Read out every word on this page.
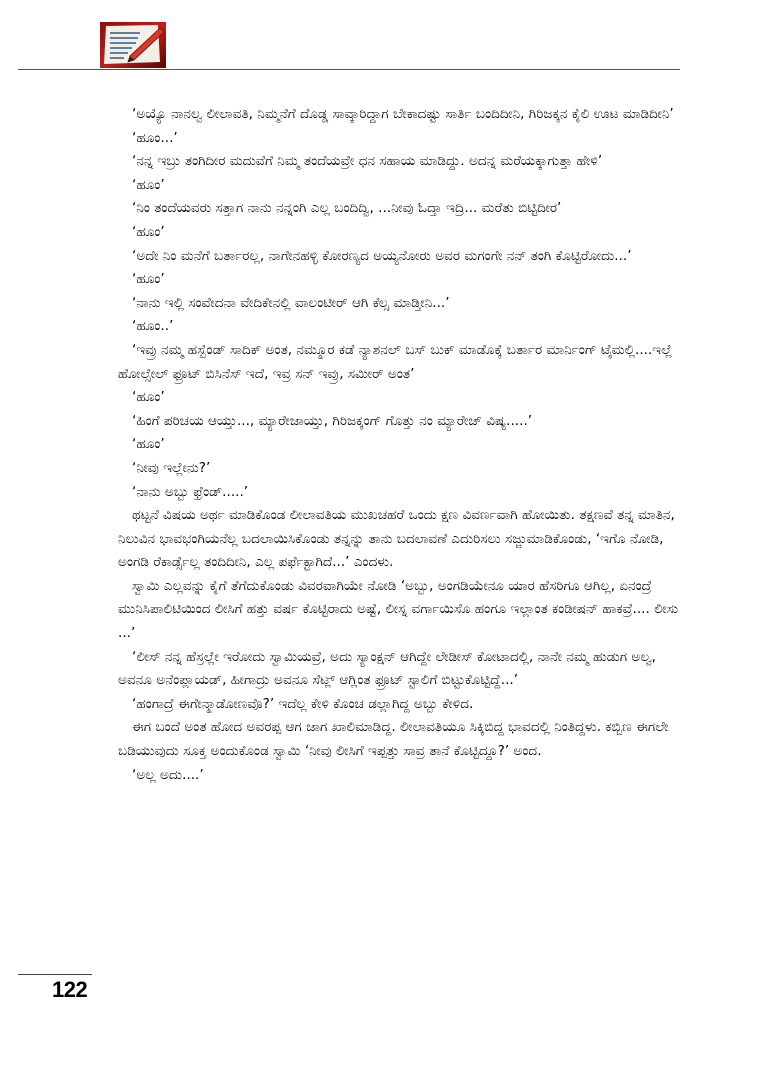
‘ಅಯ್ಯೊ ನಾನಲ್ವ ಲೀಲಾವತಿ, ನಿಮ್ಮನೆಗೆ ದೊಡ್ಡ ಸಾವ್ಕಾರಿದ್ದಾಗ ಬೇಕಾದಷ್ಟು ಸಾರ್ತಿ ಬಂದಿದೀನಿ, ಗಿರಿಜಕ್ಕನ ಕೈಲಿ ಊಟ ಮಾಡಿದೀನಿ’

‘ಹೂಂ...’

‘ನನ್ನ ಇಬ್ರು ತಂಗಿದೀರ ಮದುವೆಗೆ ನಿಮ್ಮ ತಂದೆಯವ್ರೇ ಧನ ಸಹಾಯ ಮಾಡಿದ್ದು. ಅದನ್ನ ಮರೆಯಕ್ಕಾಗುತ್ತಾ ಹೇಳಿ’

‘ಹೂಂ’

‘ನಿಂ ತಂದೆಯವರು ಸತ್ತಾಗ ನಾನು ನನ್ನಂಗಿ ಎಲ್ಲ ಬಂದಿದ್ವಿ, ...ನೀವು ಓದ್ತಾ ಇದ್ರಿ... ಮರೆತು ಬಿಟ್ಟಿದೀರ’

‘ಹೂಂ’

‘ಅದೇ ನಿಂ ಮನೆಗೆ ಬರ್ತಾರಲ್ಲ, ನಾಗೇನಹಳ್ಳಿ ಕೋರಣ್ಯದ ಅಯ್ಯನೋರು ಅವರ ಮಗಂಗೇ ನನ್ ತಂಗಿ ಕೊಟ್ಟಿರೋದು...’

‘ಹೂಂ’

‘ನಾನು ಇಲ್ಲಿ ಸಂವೇದನಾ ವೇದಿಕೇನಲ್ಲಿ ವಾಲಂಟೀರ್ ಆಗಿ ಕೆಲ್ಸ ಮಾಡ್ತೀನಿ...’

‘ಹೂಂ..’

‘ಇವ್ರು ನಮ್ಮ ಹಸ್ಬೆಂಡ್ ಸಾದಿಕ್ ಅಂತ, ನಮ್ಮೂರ ಕಡೆ ನ್ಯಾಶನಲ್ ಬಸ್ ಬುಕ್ ಮಾಡೊಕ್ಕೆ ಬರ್ತಾರ ಮಾರ್ನಿಂಗ್ ಟೈಮಲ್ಲಿ....ಇಲ್ಲೆ ಹೋಲ್ಸೇಲ್ ಫ್ರೂಟ್ ಬಿಸಿನೆಸ್ ಇದೆ, ಇವ್ರ ಸನ್ ಇವ್ರು, ಸಮೀರ್ ಅಂತ’

‘ಹೂಂ’

‘ಹಿಂಗೆ ಪರಿಚಯ ಆಯ್ತು..., ಮ್ಯಾರೇಜಾಯ್ತು, ಗಿರಿಜಕ್ಕಂಗ್ ಗೊತ್ತು ನಂ ಮ್ಯಾರೇಜ್ ವಿಷ್ಯ.....’

‘ಹೂಂ’

‘ನೀವು ಇಲ್ಲೇನು?’

‘ನಾನು ಅಬ್ಬು ಫ್ರೆಂಡ್.....’

ಥಟ್ಟನೆ ವಿಷಯ ಅರ್ಥ ಮಾಡಿಕೊಂಡ ಲೀಲಾವತಿಯ ಮುಖಚಹರೆ ಒಂದು ಕ್ಷಣ ವಿವರ್ಣವಾಗಿ ಹೋಯಿತು. ತಕ್ಷಣವೆ ತನ್ನ ಮಾತಿನ, ನಿಲುವಿನ ಭಾವಭಂಗಿಯನೆಲ್ಲ ಬದಲಾಯಿಸಿಕೊಂಡು ತನ್ನನ್ನು ತಾನು ಬದಲಾವಣೆ ಎದುರಿಸಲು ಸಜ್ಜುಮಾಡಿಕೊಂಡು, ‘ಇಗೊ ನೋಡಿ, ಅಂಗಡಿ ರೆಕಾರ್ಡ್ಸೆಲ್ಲ ತಂದಿದೀನಿ, ಎಲ್ಲ ಪರ್ಫೆಕ್ಟಾಗಿದೆ...’ ಎಂದಳು.

ಸ್ವಾಮಿ ಎಲ್ಲವನ್ನು ಕೈಗೆ ತೆಗೆದುಕೊಂಡು ವಿವರವಾಗಿಯೇ ನೋಡಿ ‘ಅಬ್ಬು, ಅಂಗಡಿಯೇನೂ ಯಾರ ಹೆಸರಿಗೂ ಆಗಿಲ್ಲ, ಏನಂದ್ರೆ ಮುನಿಸಿಪಾಲಿಟಿಯಿಂದ ಲೀಸಿಗೆ ಹತ್ತು ವರ್ಷ ಕೊಟ್ಟಿರಾದು ಅಷ್ಟೆ, ಲೀಸ್ನ ವರ್ಗಾಯಿಸೊ ಹಂಗೂ ಇಲ್ಲಾಂತ ಕಂಡೀಷನ್ ಹಾಕವ್ರೆ.... ಲೀಸು ...’

‘ಲೀಸ್ ನನ್ನ ಹೆಸ್ರಲ್ಲೇ ಇರೋದು ಸ್ವಾಮಿಯವ್ರೆ, ಅದು ಸ್ಯಾಂಕ್ಷನ್ ಆಗಿದ್ದೇ ಲೇಡೀಸ್ ಕೋಟಾದಲ್ಲಿ, ನಾನೇ ನಮ್ಮ ಹುಡುಗ ಅಲ್ವ, ಅವನೂ ಅನೆಂಪ್ಲಾಯಡ್, ಹೀಗಾದ್ರು ಅವನೂ ಸೆಟ್ಲ್ ಆಗ್ಲಿಂತ ಫ್ರೂಟ್ ಸ್ಟಾಲಿಗೆ ಬಿಟ್ಟುಕೊಟ್ಟಿದ್ದೆ...’

‘ಹಂಗಾದ್ರೆ ಈಗೇನ್ಮಾಡೋಣವೊ?’ ಇದೆಲ್ಲ ಕೇಳಿ ಕೊಂಚ ಡಲ್ಲಾಗಿದ್ದ ಅಬ್ಬು ಕೇಳಿದ.

ಈಗ ಬಂದೆ ಅಂತ ಹೋದ ಅವರಪ್ಪ ಆಗ ಜಾಗ ಖಾಲಿಮಾಡಿದ್ದ. ಲೀಲಾವತಿಯೂ ಸಿಕ್ಕಿಬಿದ್ದ ಭಾವದಲ್ಲಿ ನಿಂತಿದ್ದಳು. ಕಬ್ಬಿಣ ಈಗಲೇ ಬಡಿಯುವುದು ಸೂಕ್ತ ಅಂದುಕೊಂಡ ಸ್ವಾಮಿ ‘ನೀವು ಲೀಸಿಗೆ ಇಪ್ಪತ್ತು ಸಾವ್ರ ತಾನೆ ಕೊಟ್ಟಿದ್ದೂ?’ ಅಂದ.

‘ಅಲ್ಲ ಅದು....’

122
